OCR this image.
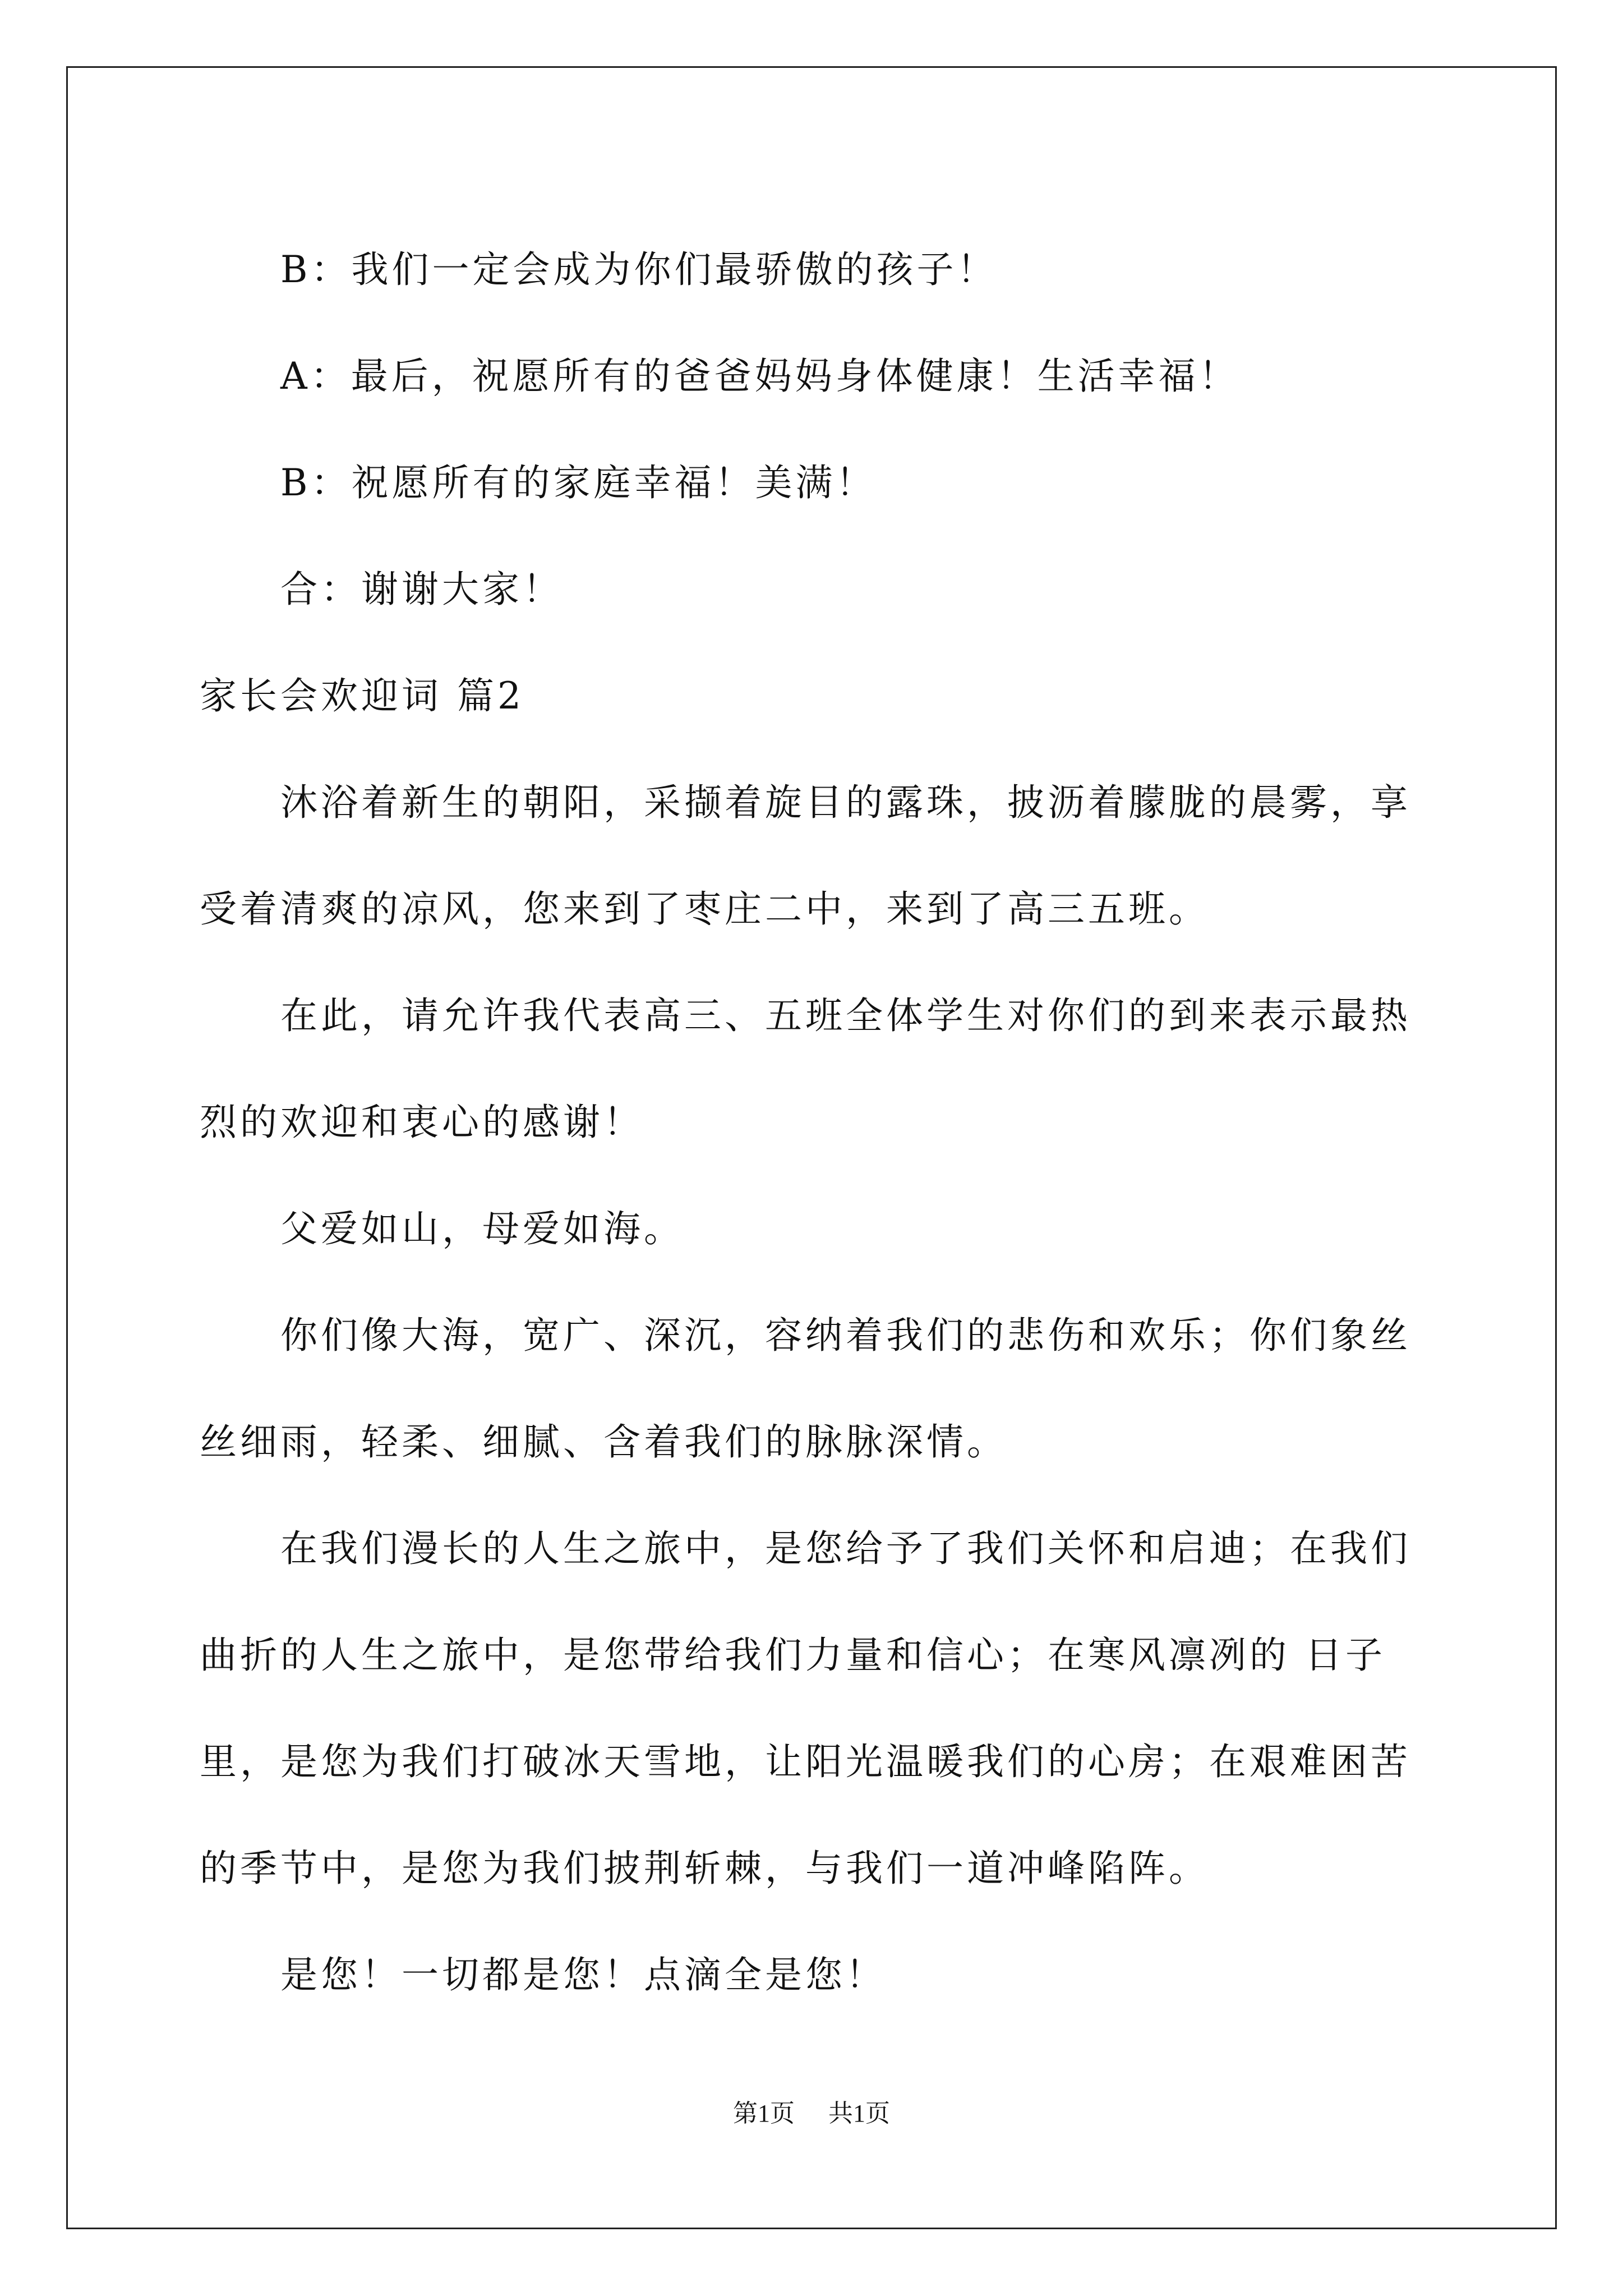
B：我们一定会成为你们最骄傲的孩子！

A：最后，祝愿所有的爸爸妈妈身体健康！生活幸福！

B：祝愿所有的家庭幸福！美满！

合：谢谢大家！

家长会欢迎词 篇2

沐浴着新生的朝阳，采撷着旋目的露珠，披沥着朦胧的晨雾，享受着清爽的凉风，您来到了枣庄二中，来到了高三五班。

在此，请允许我代表高三、五班全体学生对你们的到来表示最热烈的欢迎和衷心的感谢！

父爱如山，母爱如海。

你们像大海，宽广、深沉，容纳着我们的悲伤和欢乐；你们象丝丝细雨，轻柔、细腻、含着我们的脉脉深情。

在我们漫长的人生之旅中，是您给予了我们关怀和启迪；在我们曲折的人生之旅中，是您带给我们力量和信心；在寒风凛冽的 日子里，是您为我们打破冰天雪地，让阳光温暖我们的心房；在艰难困苦的季节中，是您为我们披荆斩棘，与我们一道冲峰陷阵。

是您！一切都是您！点滴全是您！

第1页 共1页
